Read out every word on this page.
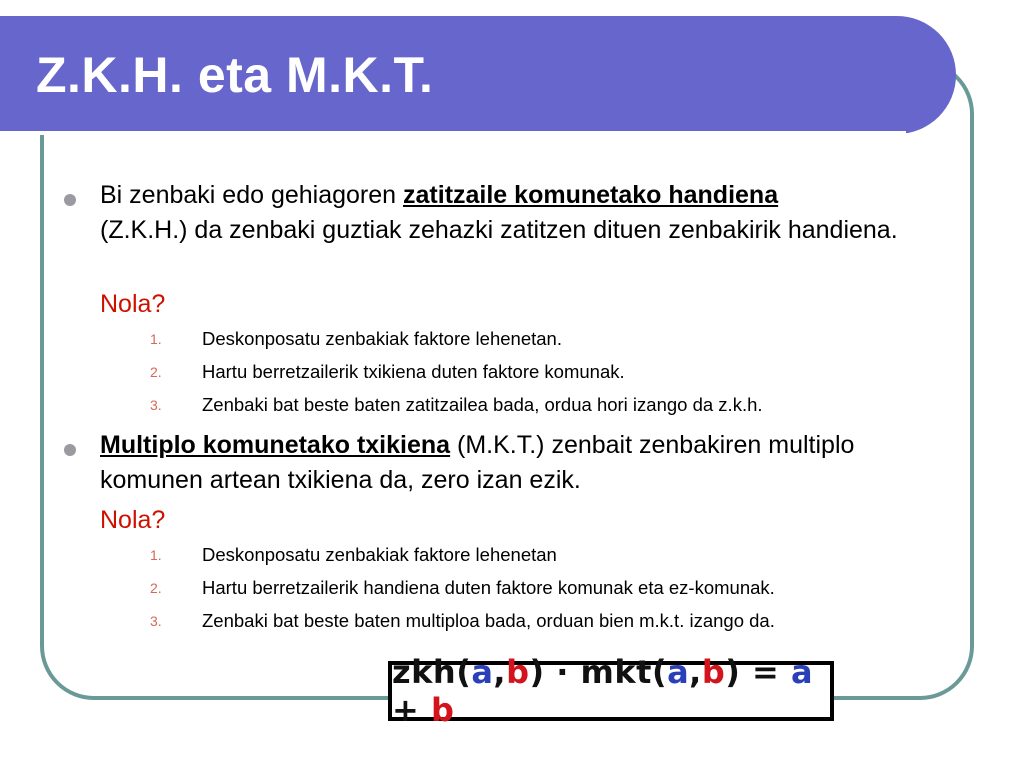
Z.K.H. eta M.K.T.

Bi zenbaki edo gehiagoren zatitzaile komunetako handiena
(Z.K.H.) da zenbaki guztiak zehazki zatitzen dituen zenbakirik handiena.

Nola?

1. Deskonposatu zenbakiak faktore lehenetan.
2. Hartu berretzailerik txikiena duten faktore komunak.
3. Zenbaki bat beste baten zatitzailea bada, ordua hori izango da z.k.h.

Multiplo komunetako txikiena (M.K.T.) zenbait zenbakiren multiplo komunen artean txikiena da, zero izan ezik.

Nola?

1. Deskonposatu zenbakiak faktore lehenetan
2. Hartu berretzailerik handiena duten faktore komunak eta ez-komunak.
3. Zenbaki bat beste baten multiploa bada, orduan bien m.k.t. izango da.
zkh(a,b) · mkt(a,b) = a + b
